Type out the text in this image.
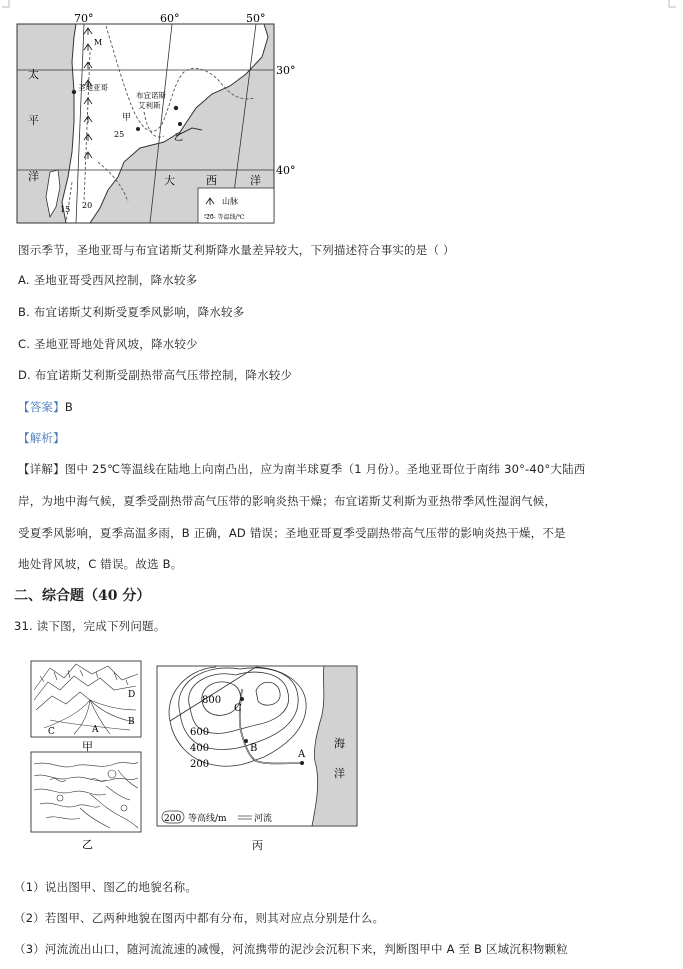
70°	60°	50°
30°
40°
太
平
洋	大	西	洋
M
圣地亚哥
布宜诺斯
艾利斯
甲
乙
25
20
15
山脉
-20- 等温线/℃
图示季节，圣地亚哥与布宜诺斯艾利斯降水量差异较大，下列描述符合事实的是（ ）
A. 圣地亚哥受西风控制，降水较多
B. 布宜诺斯艾利斯受夏季风影响，降水较多
C. 圣地亚哥地处背风坡，降水较少
D. 布宜诺斯艾利斯受副热带高气压带控制，降水较少
【答案】B
【解析】
【详解】图中 25℃等温线在陆地上向南凸出，应为南半球夏季（1 月份）。圣地亚哥位于南纬 30°-40°大陆西
岸，为地中海气候，夏季受副热带高气压带的影响炎热干燥；布宜诺斯艾利斯为亚热带季风性湿润气候，
受夏季风影响，夏季高温多雨，B 正确，AD 错误；圣地亚哥夏季受副热带高气压带的影响炎热干燥，不是
地处背风坡，C 错误。故选 B。
二、综合题（40 分）
31. 读下图，完成下列问题。
D
B
C	A
甲
乙
800
600
400
200
C
B
A
海
洋
200 等高线/m	河流
丙
（1）说出图甲、图乙的地貌名称。
（2）若图甲、乙两种地貌在图丙中都有分布，则其对应点分别是什么。
（3）河流流出山口，随河流流速的减慢，河流携带的泥沙会沉积下来，判断图甲中 A 至 B 区域沉积物颗粒
